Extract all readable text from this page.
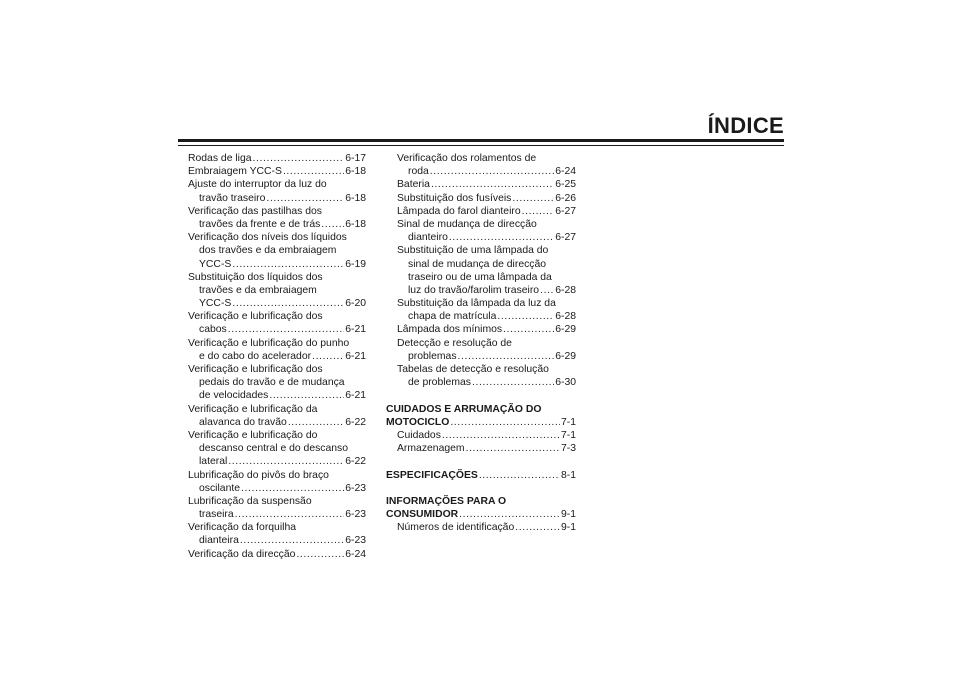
ÍNDICE
Rodas de liga .....	6-17
Embraiagem YCC-S .....	6-18
Ajuste do interruptor da luz do
travão traseiro .....	6-18
Verificação das pastilhas dos
travões da frente e de trás ..... 6-18
Verificação dos níveis dos líquidos
dos travões e da embraiagem
YCC-S .....	6-19
Substituição dos líquidos dos
travões e da embraiagem
YCC-S .....	6-20
Verificação e lubrificação dos
cabos .....	6-21
Verificação e lubrificação do punho
e do cabo do acelerador .....	6-21
Verificação e lubrificação dos
pedais do travão e de mudança
de velocidades .....	6-21
Verificação e lubrificação da
alavanca do travão .....	6-22
Verificação e lubrificação do
descanso central e do descanso
lateral .....	6-22
Lubrificação do pivôs do braço
oscilante .....	6-23
Lubrificação da suspensão
traseira .....	6-23
Verificação da forquilha
dianteira .....	6-23
Verificação da direcção .....	6-24
Verificação dos rolamentos de
roda .....	6-24
Bateria .....	6-25
Substituição dos fusíveis .....	6-26
Lâmpada do farol dianteiro .....	6-27
Sinal de mudança de direcção
dianteiro .....	6-27
Substituição de uma lâmpada do
sinal de mudança de direcção
traseiro ou de uma lâmpada da
luz do travão/farolim traseiro ..... 6-28
Substituição da lâmpada da luz da
chapa de matrícula .....	6-28
Lâmpada dos mínimos .....	6-29
Detecção e resolução de
problemas .....	6-29
Tabelas de detecção e resolução
de problemas .....	6-30
CUIDADOS E ARRUMAÇÃO DO
MOTOCICLO .....	7-1
Cuidados .....	7-1
Armazenagem .....	7-3
ESPECIFICAÇÕES .....	8-1
INFORMAÇÕES PARA O
CONSUMIDOR .....	9-1
Números de identificação .....	9-1
